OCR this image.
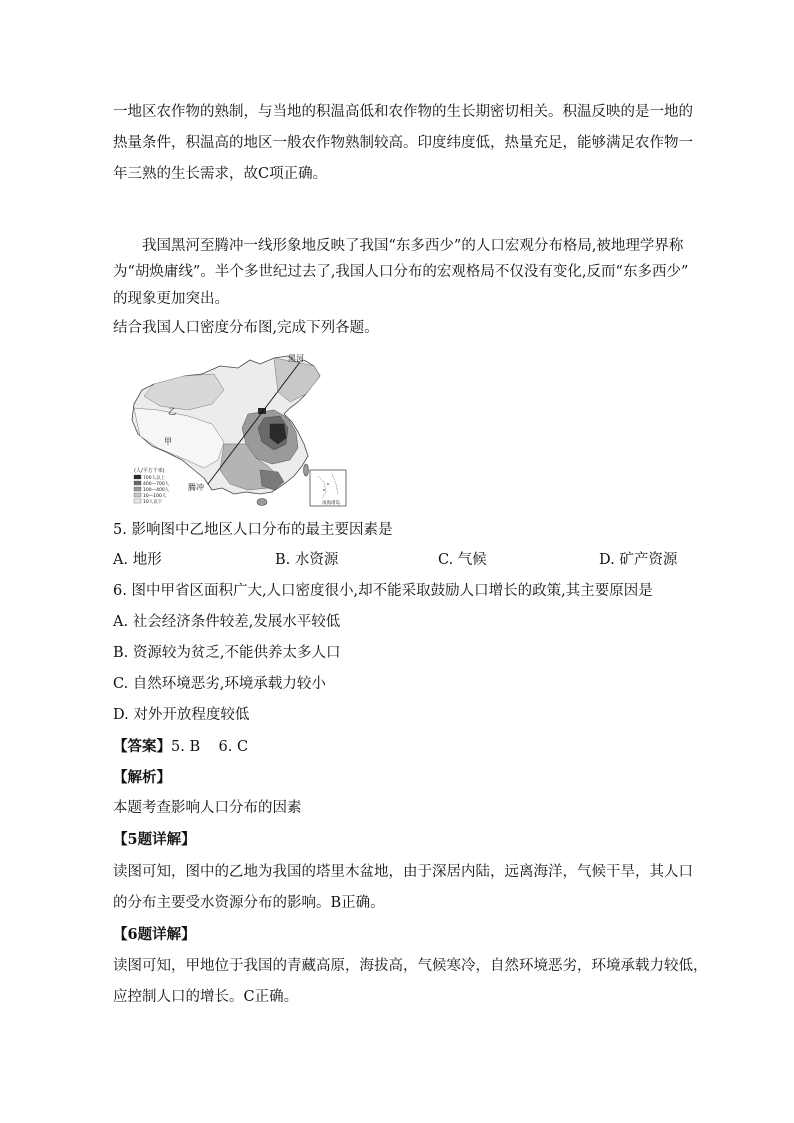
一地区农作物的熟制，与当地的积温高低和农作物的生长期密切相关。积温反映的是一地的

热量条件，积温高的地区一般农作物熟制较高。印度纬度低，热量充足，能够满足农作物一

年三熟的生长需求，故C项正确。

我国黑河至腾冲一线形象地反映了我国“东多西少”的人口宏观分布格局,被地理学界称

为“胡焕庸线”。半个多世纪过去了,我国人口分布的宏观格局不仅没有变化,反而“东多西少”

的现象更加突出。

结合我国人口密度分布图,完成下列各题。

黑河
腾冲
乙
甲
(人/平方千米)
700人以上
400—700人
100—400人
10—100人
10人以下	南海诸岛

5. 影响图中乙地区人口分布的最主要因素是

A. 地形	B. 水资源	C. 气候	D. 矿产资源

6. 图中甲省区面积广大,人口密度很小,却不能采取鼓励人口增长的政策,其主要原因是

A. 社会经济条件较差,发展水平较低

B. 资源较为贫乏,不能供养太多人口

C. 自然环境恶劣,环境承载力较小

D. 对外开放程度较低

【答案】5. B    6. C

【解析】

本题考查影响人口分布的因素

【5题详解】

读图可知，图中的乙地为我国的塔里木盆地，由于深居内陆，远离海洋，气候干旱，其人口

的分布主要受水资源分布的影响。B正确。

【6题详解】

读图可知，甲地位于我国的青藏高原，海拔高，气候寒冷，自然环境恶劣，环境承载力较低，

应控制人口的增长。C正确。
